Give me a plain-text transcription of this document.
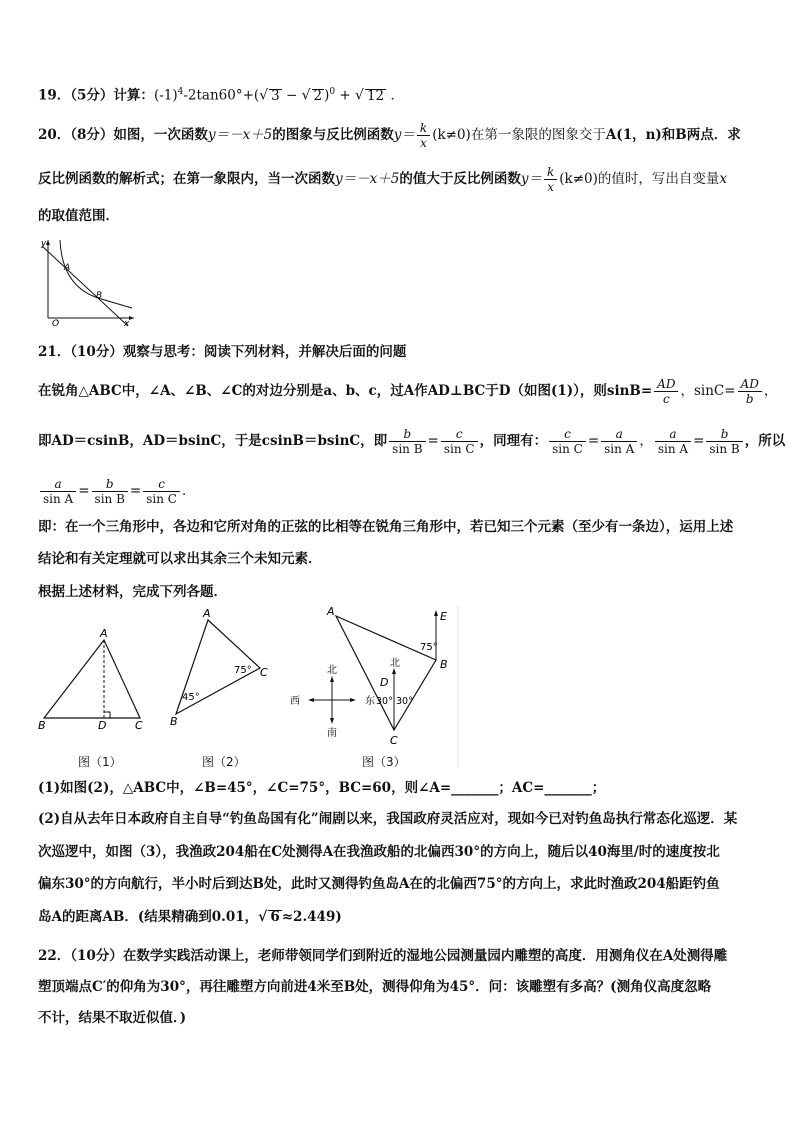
19．（5分）计算：$(-1)^4-2\tan 60^\circ+(√$ 3 − √ 2 )$^0$ + √ 12 ．
20．（8分）如图，一次函数y＝－x＋5的图象与反比例函数$y= \frac{k}{x} (k\ne 0)$在第一象限的图象交于A(1，n)和B两点．求
反比例函数的解析式；在第一象限内，当一次函数y＝－x＋5的值大于反比例函数$y= \frac{k}{x} (k\ne 0)$的值时，写出自变量x
的取值范围．
y
A
B
O	x
21．（10分）观察与思考：阅读下列材料，并解决后面的问题
在锐角△ABC中，∠A、∠B、∠C的对边分别是a、b、c，过A作AD⊥BC于D（如图(1)），则$\sin B= \frac{AD}{c}$ ，$\sin C= \frac{AD}{b}$ ，
即AD＝csinB，AD＝bsinC，于是csinB＝bsinC，即 $\frac{b}{\text{sin B}} = \frac{c}{\text{sin C}}$ ，同理有： $\frac{c}{\text{sin C}} = \frac{a}{\text{sin A}}$ ， $\frac{a}{\text{sin A}} = \frac{b}{\text{sin B}}$ ，所以
$\frac{a}{\text{sin A}} = \frac{b}{\text{sin B}} = \frac{c}{\text{sin C}}$ ．
即：在一个三角形中，各边和它所对角的正弦的比相等在锐角三角形中，若已知三个元素（至少有一条边），运用上述
结论和有关定理就可以求出其余三个未知元素．
根据上述材料，完成下列各题．
A
B	D	C
图（1）
A
B
C
45°
75°
图（2）
北
南
西	东
A
B
C
D
E
北
75°
30° 30°
图（3）
(1)如图(2)，△ABC中，∠B=45°，∠C=75°，BC=60，则∠A=_______；AC=_______；
(2)自从去年日本政府自主自导“钓鱼岛国有化”闹剧以来，我国政府灵活应对，现如今已对钓鱼岛执行常态化巡逻．某
次巡逻中，如图（3），我渔政204船在C处测得A在我渔政船的北偏西30°的方向上，随后以40海里/时的速度按北
偏东30°的方向航行，半小时后到达B处，此时又测得钓鱼岛A在的北偏西75°的方向上，求此时渔政204船距钓鱼
岛A的距离AB．(结果精确到0.01，√ 6 ≈2.449)
22．（10分）在数学实践活动课上，老师带领同学们到附近的湿地公园测量园内雕塑的高度．用测角仪在A处测得雕
塑顶端点C′的仰角为30°，再往雕塑方向前进4米至B处，测得仰角为45°．问：该雕塑有多高？(测角仪高度忽略
不计，结果不取近似值．)
